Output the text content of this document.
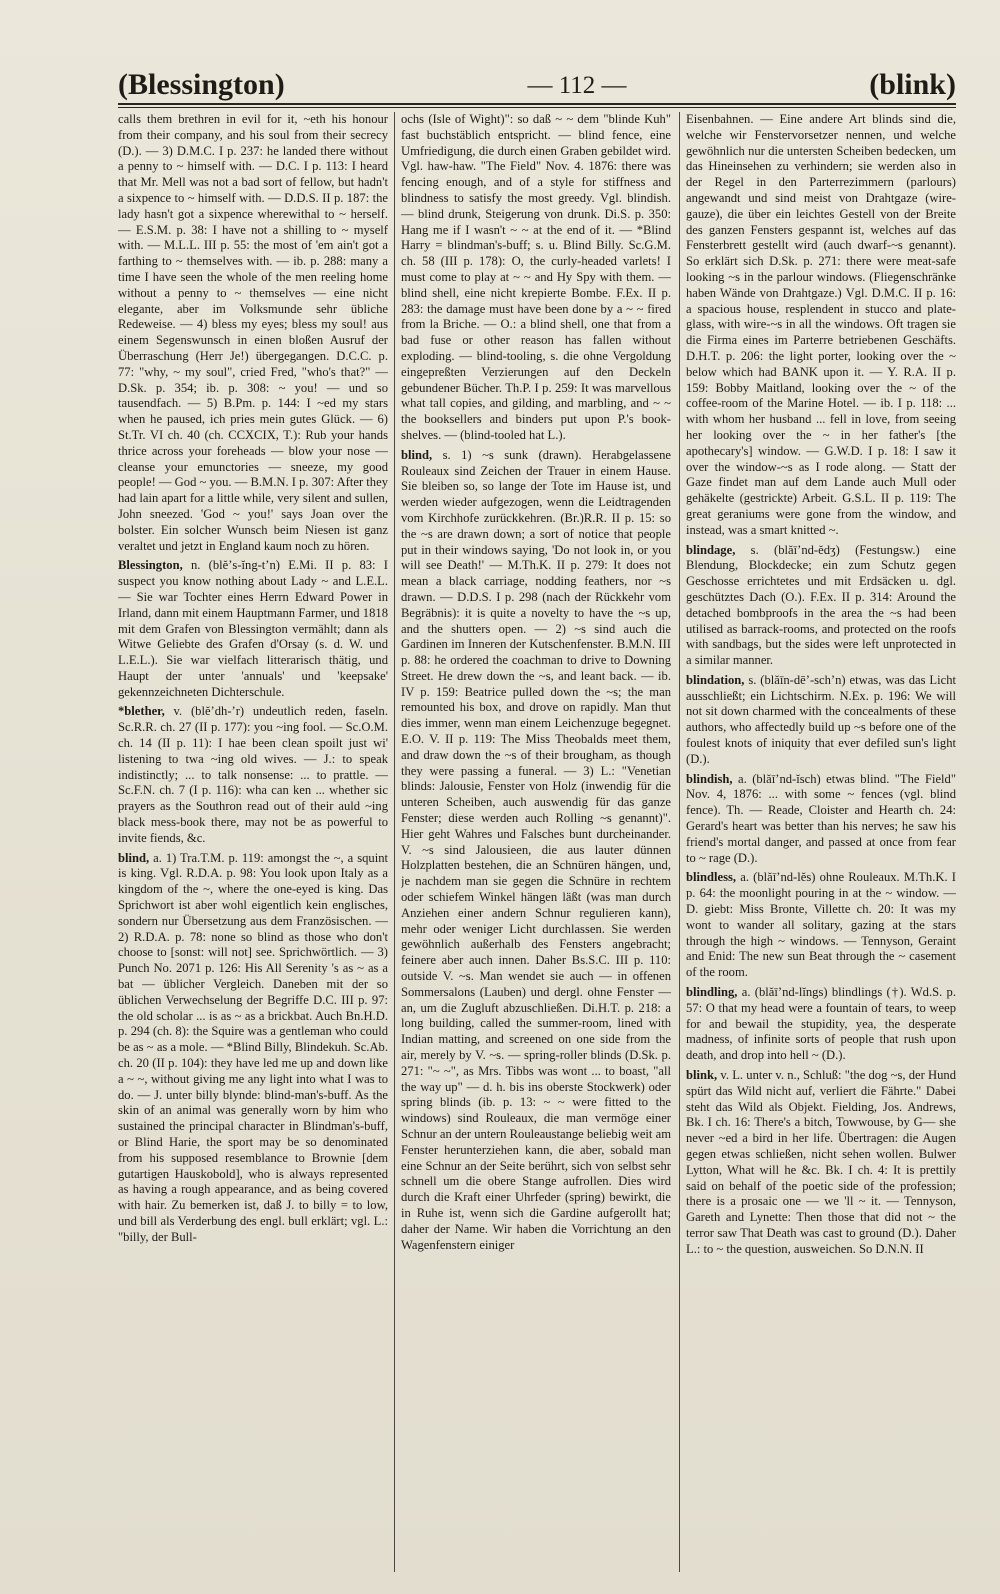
(Blessington)	— 112 —	(blink)

calls them brethren in evil for it, ~eth his honour from their company, and his soul from their secrecy (D.). — 3) D.M.C. I p. 237: he landed there without a penny to ~ himself with. — D.C. I p. 113: I heard that Mr. Mell was not a bad sort of fellow, but hadn't a sixpence to ~ himself with. — D.D.S. II p. 187: the lady hasn't got a sixpence wherewithal to ~ herself. — E.S.M. p. 38: I have not a shilling to ~ myself with. — M.L.L. III p. 55: the most of 'em ain't got a farthing to ~ themselves with. — ib. p. 288: many a time I have seen the whole of the men reeling home without a penny to ~ themselves — eine nicht elegante, aber im Volksmunde sehr übliche Redeweise. — 4) bless my eyes; bless my soul! aus einem Segenswunsch in einen bloßen Ausruf der Überraschung (Herr Je!) übergegangen. D.C.C. p. 77: "why, ~ my soul", cried Fred, "who's that?" — D.Sk. p. 354; ib. p. 308: ~ you! — und so tausendfach. — 5) B.Pm. p. 144: I ~ed my stars when he paused, ich pries mein gutes Glück. — 6) St.Tr. VI ch. 40 (ch. CCXCIX, T.): Rub your hands thrice across your foreheads — blow your nose — cleanse your emunctories — sneeze, my good people! — God ~ you. — B.M.N. I p. 307: After they had lain apart for a little while, very silent and sullen, John sneezed. 'God ~ you!' says Joan over the bolster. Ein solcher Wunsch beim Niesen ist ganz veraltet und jetzt in England kaum noch zu hören.

Blessington, n. (blĕʼs-ĭng-tʼn) E.Mi. II p. 83: I suspect you know nothing about Lady ~ and L.E.L. — Sie war Tochter eines Herrn Edward Power in Irland, dann mit einem Hauptmann Farmer, und 1818 mit dem Grafen von Blessington vermählt; dann als Witwe Geliebte des Grafen d'Orsay (s. d. W. und L.E.L.). Sie war vielfach litterarisch thätig, und Haupt der unter 'annuals' und 'keepsake' gekennzeichneten Dichterschule.

*blether, v. (blĕʼdh-ʼr) undeutlich reden, faseln. Sc.R.R. ch. 27 (II p. 177): you ~ing fool. — Sc.O.M. ch. 14 (II p. 11): I hae been clean spoilt just wi' listening to twa ~ing old wives. — J.: to speak indistinctly; ... to talk nonsense: ... to prattle. — Sc.F.N. ch. 7 (I p. 116): wha can ken ... whether sic prayers as the Southron read out of their auld ~ing black mess-book there, may not be as powerful to invite fiends, &c.

blind, a. 1) Tra.T.M. p. 119: amongst the ~, a squint is king. Vgl. R.D.A. p. 98: You look upon Italy as a kingdom of the ~, where the one-eyed is king. Das Sprichwort ist aber wohl eigentlich kein englisches, sondern nur Übersetzung aus dem Französischen. — 2) R.D.A. p. 78: none so blind as those who don't choose to [sonst: will not] see. Sprichwörtlich. — 3) Punch No. 2071 p. 126: His All Serenity 's as ~ as a bat — üblicher Vergleich. Daneben mit der so üblichen Verwechselung der Begriffe D.C. III p. 97: the old scholar ... is as ~ as a brickbat. Auch Bn.H.D. p. 294 (ch. 8): the Squire was a gentleman who could be as ~ as a mole. — *Blind Billy, Blindekuh. Sc.Ab. ch. 20 (II p. 104): they have led me up and down like a ~ ~, without giving me any light into what I was to do. — J. unter billy blynde: blind-man's-buff. As the skin of an animal was generally worn by him who sustained the principal character in Blindman's-buff, or Blind Harie, the sport may be so denominated from his supposed resemblance to Brownie [dem gutartigen Hauskobold], who is always represented as having a rough appearance, and as being covered with hair. Zu bemerken ist, daß J. to billy = to low, und bill als Verderbung des engl. bull erklärt; vgl. L.: "billy, der Bull-

ochs (Isle of Wight)": so daß ~ ~ dem "blinde Kuh" fast buchstäblich entspricht. — blind fence, eine Umfriedigung, die durch einen Graben gebildet wird. Vgl. haw-haw. "The Field" Nov. 4. 1876: there was fencing enough, and of a style for stiffness and blindness to satisfy the most greedy. Vgl. blindish. — blind drunk, Steigerung von drunk. Di.S. p. 350: Hang me if I wasn't ~ ~ at the end of it. — *Blind Harry = blindman's-buff; s. u. Blind Billy. Sc.G.M. ch. 58 (III p. 178): O, the curly-headed varlets! I must come to play at ~ ~ and Hy Spy with them. — blind shell, eine nicht krepierte Bombe. F.Ex. II p. 283: the damage must have been done by a ~ ~ fired from la Briche. — O.: a blind shell, one that from a bad fuse or other reason has fallen without exploding. — blind-tooling, s. die ohne Vergoldung eingepreßten Verzierungen auf den Deckeln gebundener Bücher. Th.P. I p. 259: It was marvellous what tall copies, and gilding, and marbling, and ~ ~ the booksellers and binders put upon P.'s book-shelves. — (blind-tooled hat L.).

blind, s. 1) ~s sunk (drawn). Herabgelassene Rouleaux sind Zeichen der Trauer in einem Hause. Sie bleiben so, so lange der Tote im Hause ist, und werden wieder aufgezogen, wenn die Leidtragenden vom Kirchhofe zurückkehren. (Br.)R.R. II p. 15: so the ~s are drawn down; a sort of notice that people put in their windows saying, 'Do not look in, or you will see Death!' — M.Th.K. II p. 279: It does not mean a black carriage, nodding feathers, nor ~s drawn. — D.D.S. I p. 298 (nach der Rückkehr vom Begräbnis): it is quite a novelty to have the ~s up, and the shutters open. — 2) ~s sind auch die Gardinen im Inneren der Kutschenfenster. B.M.N. III p. 88: he ordered the coachman to drive to Downing Street. He drew down the ~s, and leant back. — ib. IV p. 159: Beatrice pulled down the ~s; the man remounted his box, and drove on rapidly. Man thut dies immer, wenn man einem Leichenzuge begegnet. E.O. V. II p. 119: The Miss Theobalds meet them, and draw down the ~s of their brougham, as though they were passing a funeral. — 3) L.: "Venetian blinds: Jalousie, Fenster von Holz (inwendig für die unteren Scheiben, auch auswendig für das ganze Fenster; diese werden auch Rolling ~s genannt)". Hier geht Wahres und Falsches bunt durcheinander. V. ~s sind Jalousieen, die aus lauter dünnen Holzplatten bestehen, die an Schnüren hängen, und, je nachdem man sie gegen die Schnüre in rechtem oder schiefem Winkel hängen läßt (was man durch Anziehen einer andern Schnur regulieren kann), mehr oder weniger Licht durchlassen. Sie werden gewöhnlich außerhalb des Fensters angebracht; feinere aber auch innen. Daher Bs.S.C. III p. 110: outside V. ~s. Man wendet sie auch — in offenen Sommersalons (Lauben) und dergl. ohne Fenster — an, um die Zugluft abzuschließen. Di.H.T. p. 218: a long building, called the summer-room, lined with Indian matting, and screened on one side from the air, merely by V. ~s. — spring-roller blinds (D.Sk. p. 271: "~ ~", as Mrs. Tibbs was wont ... to boast, "all the way up" — d. h. bis ins oberste Stockwerk) oder spring blinds (ib. p. 13: ~ ~ were fitted to the windows) sind Rouleaux, die man vermöge einer Schnur an der untern Rouleaustange beliebig weit am Fenster herunterziehen kann, die aber, sobald man eine Schnur an der Seite berührt, sich von selbst sehr schnell um die obere Stange aufrollen. Dies wird durch die Kraft einer Uhrfeder (spring) bewirkt, die in Ruhe ist, wenn sich die Gardine aufgerollt hat; daher der Name. Wir haben die Vorrichtung an den Wagenfenstern einiger

Eisenbahnen. — Eine andere Art blinds sind die, welche wir Fenstervorsetzer nennen, und welche gewöhnlich nur die untersten Scheiben bedecken, um das Hineinsehen zu verhindern; sie werden also in der Regel in den Parterrezimmern (parlours) angewandt und sind meist von Drahtgaze (wire-gauze), die über ein leichtes Gestell von der Breite des ganzen Fensters gespannt ist, welches auf das Fensterbrett gestellt wird (auch dwarf-~s genannt). So erklärt sich D.Sk. p. 271: there were meat-safe looking ~s in the parlour windows. (Fliegenschränke haben Wände von Drahtgaze.) Vgl. D.M.C. II p. 16: a spacious house, resplendent in stucco and plate-glass, with wire-~s in all the windows. Oft tragen sie die Firma eines im Parterre betriebenen Geschäfts. D.H.T. p. 206: the light porter, looking over the ~ below which had BANK upon it. — Y. R.A. II p. 159: Bobby Maitland, looking over the ~ of the coffee-room of the Marine Hotel. — ib. I p. 118: ... with whom her husband ... fell in love, from seeing her looking over the ~ in her father's [the apothecary's] window. — G.W.D. I p. 18: I saw it over the window-~s as I rode along. — Statt der Gaze findet man auf dem Lande auch Mull oder gehäkelte (gestrickte) Arbeit. G.S.L. II p. 119: The great geraniums were gone from the window, and instead, was a smart knitted ~.

blindage, s. (blăīʼnd-ĕdʒ) (Festungsw.) eine Blendung, Blockdecke; ein zum Schutz gegen Geschosse errichtetes und mit Erdsäcken u. dgl. geschütztes Dach (O.). F.Ex. II p. 314: Around the detached bombproofs in the area the ~s had been utilised as barrack-rooms, and protected on the roofs with sandbags, but the sides were left unprotected in a similar manner.

blindation, s. (blăīn-dēʼ-schʼn) etwas, was das Licht ausschließt; ein Lichtschirm. N.Ex. p. 196: We will not sit down charmed with the concealments of these authors, who affectedly build up ~s before one of the foulest knots of iniquity that ever defiled sun's light (D.).

blindish, a. (blăīʼnd-ĭsch) etwas blind. "The Field" Nov. 4, 1876: ... with some ~ fences (vgl. blind fence). Th. — Reade, Cloister and Hearth ch. 24: Gerard's heart was better than his nerves; he saw his friend's mortal danger, and passed at once from fear to ~ rage (D.).

blindless, a. (blăīʼnd-lĕs) ohne Rouleaux. M.Th.K. I p. 64: the moonlight pouring in at the ~ window. — D. giebt: Miss Bronte, Villette ch. 20: It was my wont to wander all solitary, gazing at the stars through the high ~ windows. — Tennyson, Geraint and Enid: The new sun Beat through the ~ casement of the room.

blindling, a. (blăīʼnd-lĭngs) blindlings (†). Wd.S. p. 57: O that my head were a fountain of tears, to weep for and bewail the stupidity, yea, the desperate madness, of infinite sorts of people that rush upon death, and drop into hell ~ (D.).

blink, v. L. unter v. n., Schluß: "the dog ~s, der Hund spürt das Wild nicht auf, verliert die Fährte." Dabei steht das Wild als Objekt. Fielding, Jos. Andrews, Bk. I ch. 16: There's a bitch, Towwouse, by G— she never ~ed a bird in her life. Übertragen: die Augen gegen etwas schließen, nicht sehen wollen. Bulwer Lytton, What will he &c. Bk. I ch. 4: It is prettily said on behalf of the poetic side of the profession; there is a prosaic one — we 'll ~ it. — Tennyson, Gareth and Lynette: Then those that did not ~ the terror saw That Death was cast to ground (D.). Daher L.: to ~ the question, ausweichen. So D.N.N. II
